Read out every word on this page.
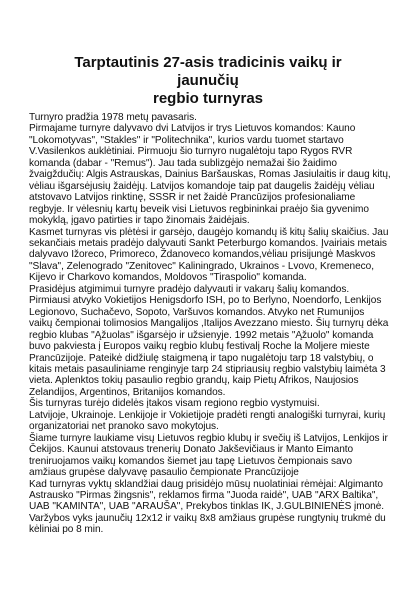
Tarptautinis 27-asis tradicinis vaikų ir jaunučių
regbio turnyras
Turnyro pradžia 1978 metų pavasaris.
Pirmajame turnyre dalyvavo dvi Latvijos ir trys Lietuvos komandos: Kauno
"Lokomotyvas", "Stakles" ir "Politechnika", kurios vardu tuomet startavo
V.Vasilenkos auklėtiniai. Pirmuoju šio turnyro nugalėtoju tapo Rygos RVR
komanda (dabar - "Remus"). Jau tada sublizgėjo nemažai šio žaidimo
žvaigždučių: Algis Astrauskas, Dainius Baršauskas, Romas Jasiulaitis ir daug kitų,
vėliau išgarsėjusių žaidėjų. Latvijos komandoje taip pat daugelis žaidėjų vėliau
atstovavo Latvijos rinktinę, SSSR ir net žaidė Prancūzijos profesionaliame
regbyje. Ir vėlesnių kartų beveik visi Lietuvos regbininkai praėjo šia gyvenimo
mokyklą, įgavo patirties ir tapo žinomais žaidėjais.
Kasmet turnyras vis plėtėsi ir garsėjo, daugėjo komandų iš kitų šalių skaičius. Jau
sekančiais metais pradėjo dalyvauti Sankt Peterburgo komandos. Įvairiais metais
dalyvavo Ižoreco, Primoreco, Ždanoveco komandos,vėliau prisijungė Maskvos
"Slava", Zelenogrado "Zenitovec" Kaliningrado, Ukrainos - Lvovo, Kremeneco,
Kijevo ir Charkovo komandos, Moldovos "Tiraspolio" komanda.
Prasidėjus atgimimui turnyre pradėjo dalyvauti ir vakarų šalių komandos.
Pirmiausi atvyko Vokietijos Henigsdorfo ISH, po to Berlyno, Noendorfo, Lenkijos
Legionovo, Suchačevo, Sopoto, Varšuvos komandos. Atvyko net Rumunijos
vaikų čempionai tolimosios Mangalijos ,Italijos Avezzano miesto. Šių turnyrų dėka
regbio klubas "Ąžuolas" išgarsėjo ir užsienyje. 1992 metais "Ąžuolo" komanda
buvo pakviesta į Europos vaikų regbio klubų festivalį Roche la Moljere mieste
Prancūzijoje. Pateikė didžiulę staigmeną ir tapo nugalėtoju tarp 18 valstybių, o
kitais metais pasauliniame renginyje tarp 24 stipriausių regbio valstybių laimėta 3
vieta. Aplenktos tokių pasaulio regbio grandų, kaip Pietų Afrikos, Naujosios
Zelandijos, Argentinos, Britanijos komandos.
Šis turnyras turėjo didelės įtakos visam regiono regbio vystymuisi.
Latvijoje, Ukrainoje. Lenkijoje ir Vokietijoje pradėti rengti analogiški turnyrai, kurių
organizatoriai net pranoko savo mokytojus.
Šiame turnyre laukiame visų Lietuvos regbio klubų ir svečių iš Latvijos, Lenkijos ir
Čekijos. Kaunui atstovaus trenerių Donato Jakševičiaus ir Manto Eimanto
treniruojamos vaikų komandos šiemet jau tapę Lietuvos čempionais savo
amžiaus grupėse dalyvavę pasaulio čempionate Prancūzijoje
Kad turnyras vyktų sklandžiai daug prisidėjo mūsų nuolatiniai rėmėjai: Algimanto
Astrausko "Pirmas žingsnis", reklamos firma "Juoda raidė", UAB "ARX Baltika",
UAB "KAMINTA", UAB "ARAUŠA", Prekybos tinklas IK, J.GULBINIENĖS įmonė.
Varžybos vyks jaunučių 12x12 ir vaikų 8x8 amžiaus grupėse rungtynių trukmė du
kėliniai po 8 min.
